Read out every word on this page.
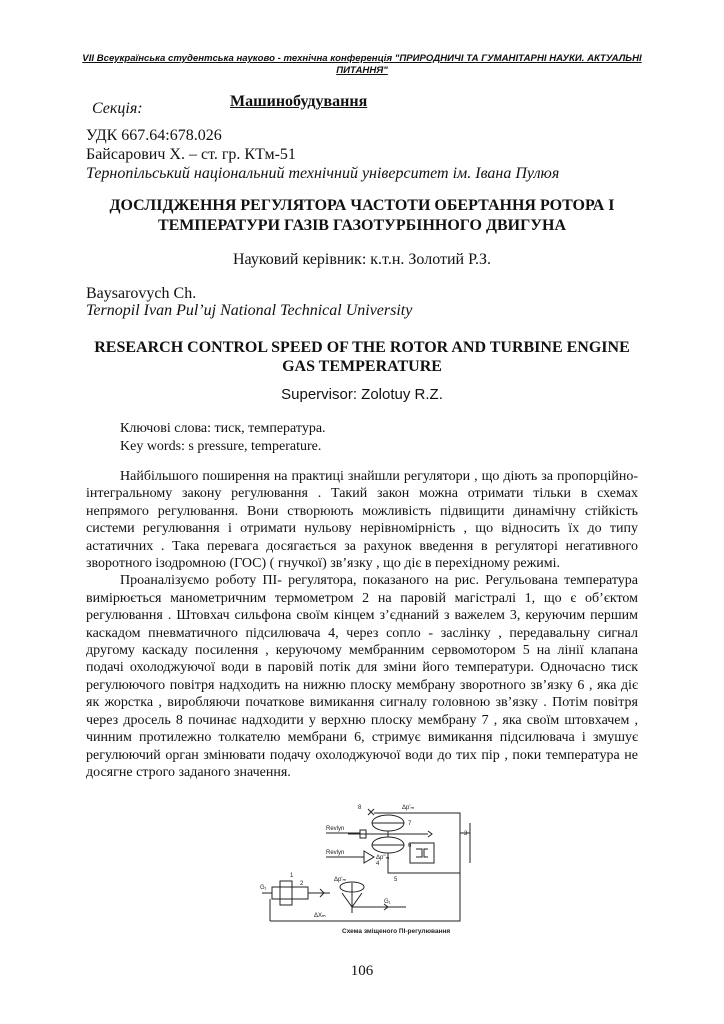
VII Всеукраїнська студентська науково - технічна конференція "ПРИРОДНИЧІ ТА ГУМАНІТАРНІ НАУКИ. АКТУАЛЬНІ ПИТАННЯ"
Секція:	Машинобудування
УДК 667.64:678.026
Байсарович Х. – ст. гр. КТм-51
Тернопільський національний технічний університет ім. Івана Пулюя
ДОСЛІДЖЕННЯ РЕГУЛЯТОРА ЧАСТОТИ ОБЕРТАННЯ РОТОРА І ТЕМПЕРАТУРИ ГАЗІВ ГАЗОТУРБІННОГО ДВИГУНА
Науковий керівник: к.т.н. Золотий Р.З.
Baysarovych Ch.
Ternopil Ivan Pul’uj National Technical University
RESEARCH CONTROL SPEED OF THE ROTOR AND TURBINE ENGINE GAS TEMPERATURE
Supervisor: Zolotuy R.Z.
Ключові слова: тиск, температура.
Key words: s pressure, temperature.

Найбільшого поширення на практиці знайшли регулятори , що діють за пропорційно- інтегральному закону регулювання . Такий закон можна отримати тільки в схемах непрямого регулювання. Вони створюють можливість підвищити динамічну стійкість системи регулювання і отримати нульову нерівномірність , що відносить їх до типу астатичних . Така перевага досягається за рахунок введення в регуляторі негативного зворотного ізодромною (ГОС) ( гнучкої) зв’язку , що діє в перехідному режимі.

Проаналізуємо роботу ПІ- регулятора, показаного на рис. Регульована температура вимірюється манометричним термометром 2 на паровій магістралі 1, що є об’єктом регулювання . Штовхач сильфона своїм кінцем з’єднаний з важелем 3, керуючим першим каскадом пневматичного підсилювача 4, через сопло - заслінку , передавальну сигнал другому каскаду посилення , керуючому мембранним сервомотором 5 на лінії клапана подачі охолоджуючої води в паровій потік для зміни його температури. Одночасно тиск регулюючого повітря надходить на нижню плоску мембрану зворотного зв’язку 6 , яка діє як жорстка , виробляючи початкове вимикання сигналу головною зв’язку . Потім повітря через дросель 8 починає надходити у верхню плоску мембрану 7 , яка своїм штовхачем , чинним протилежно толкателю мембрани 6, стримує вимикання підсилювача і змушує регулюючий орган змінювати подачу охолоджуючої води до тих пір , поки температура не досягне строго заданого значення.

8	Δp'ₘ
7
6
3
4
Δp''ₘ
Revlyn
Revlyn
1
2
5
G₁
G₁
Δp'ₘ
ΔXₘ
Схема зміщеного ПІ-регулювання
106
